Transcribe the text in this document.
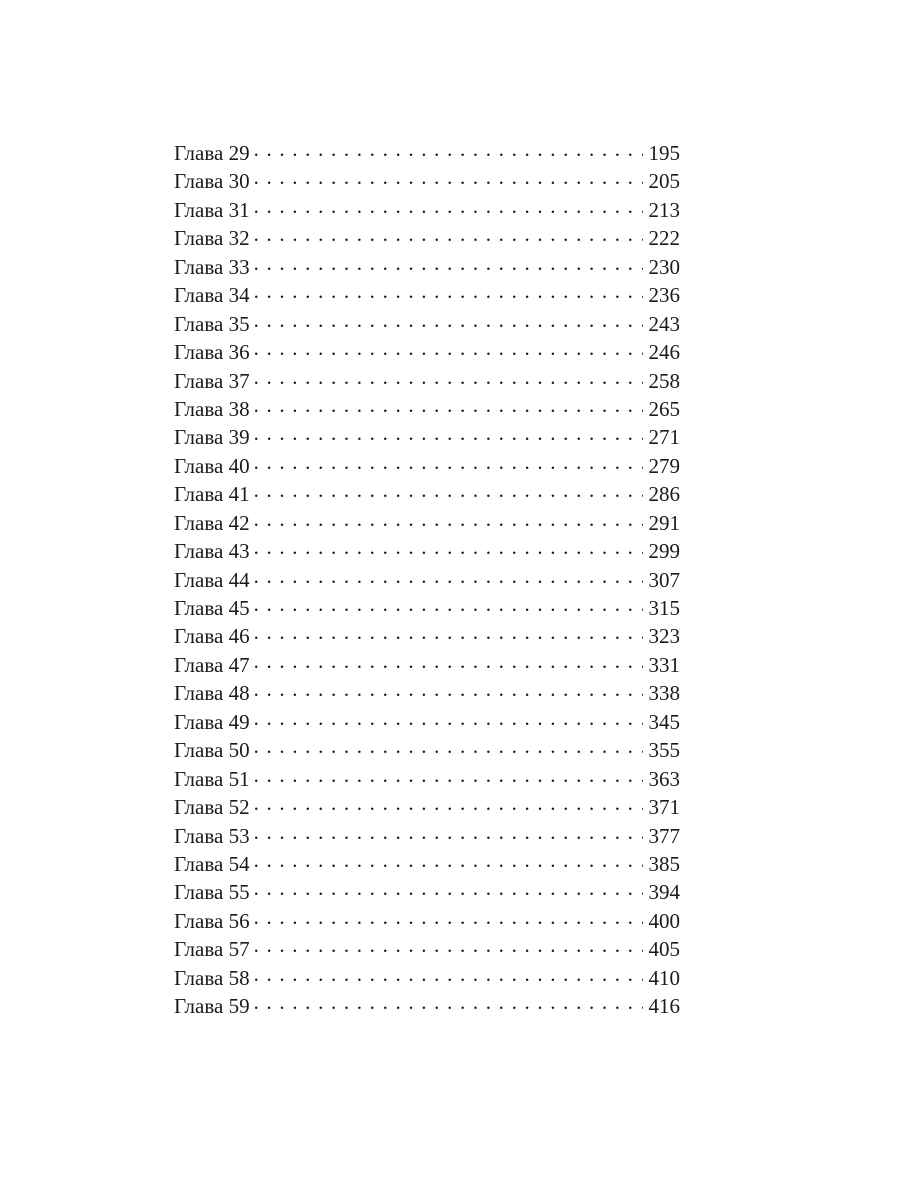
Глава 29 . . .	195
Глава 30 . . .	205
Глава 31 . . .	213
Глава 32 . . .	222
Глава 33 . . .	230
Глава 34 . . .	236
Глава 35 . . .	243
Глава 36 . . .	246
Глава 37 . . .	258
Глава 38 . . .	265
Глава 39 . . .	271
Глава 40 . . .	279
Глава 41 . . .	286
Глава 42 . . .	291
Глава 43 . . .	299
Глава 44 . . .	307
Глава 45 . . .	315
Глава 46 . . .	323
Глава 47 . . .	331
Глава 48 . . .	338
Глава 49 . . .	345
Глава 50 . . .	355
Глава 51 . . .	363
Глава 52 . . .	371
Глава 53 . . .	377
Глава 54 . . .	385
Глава 55 . . .	394
Глава 56 . . .	400
Глава 57 . . .	405
Глава 58 . . .	410
Глава 59 . . .	416
